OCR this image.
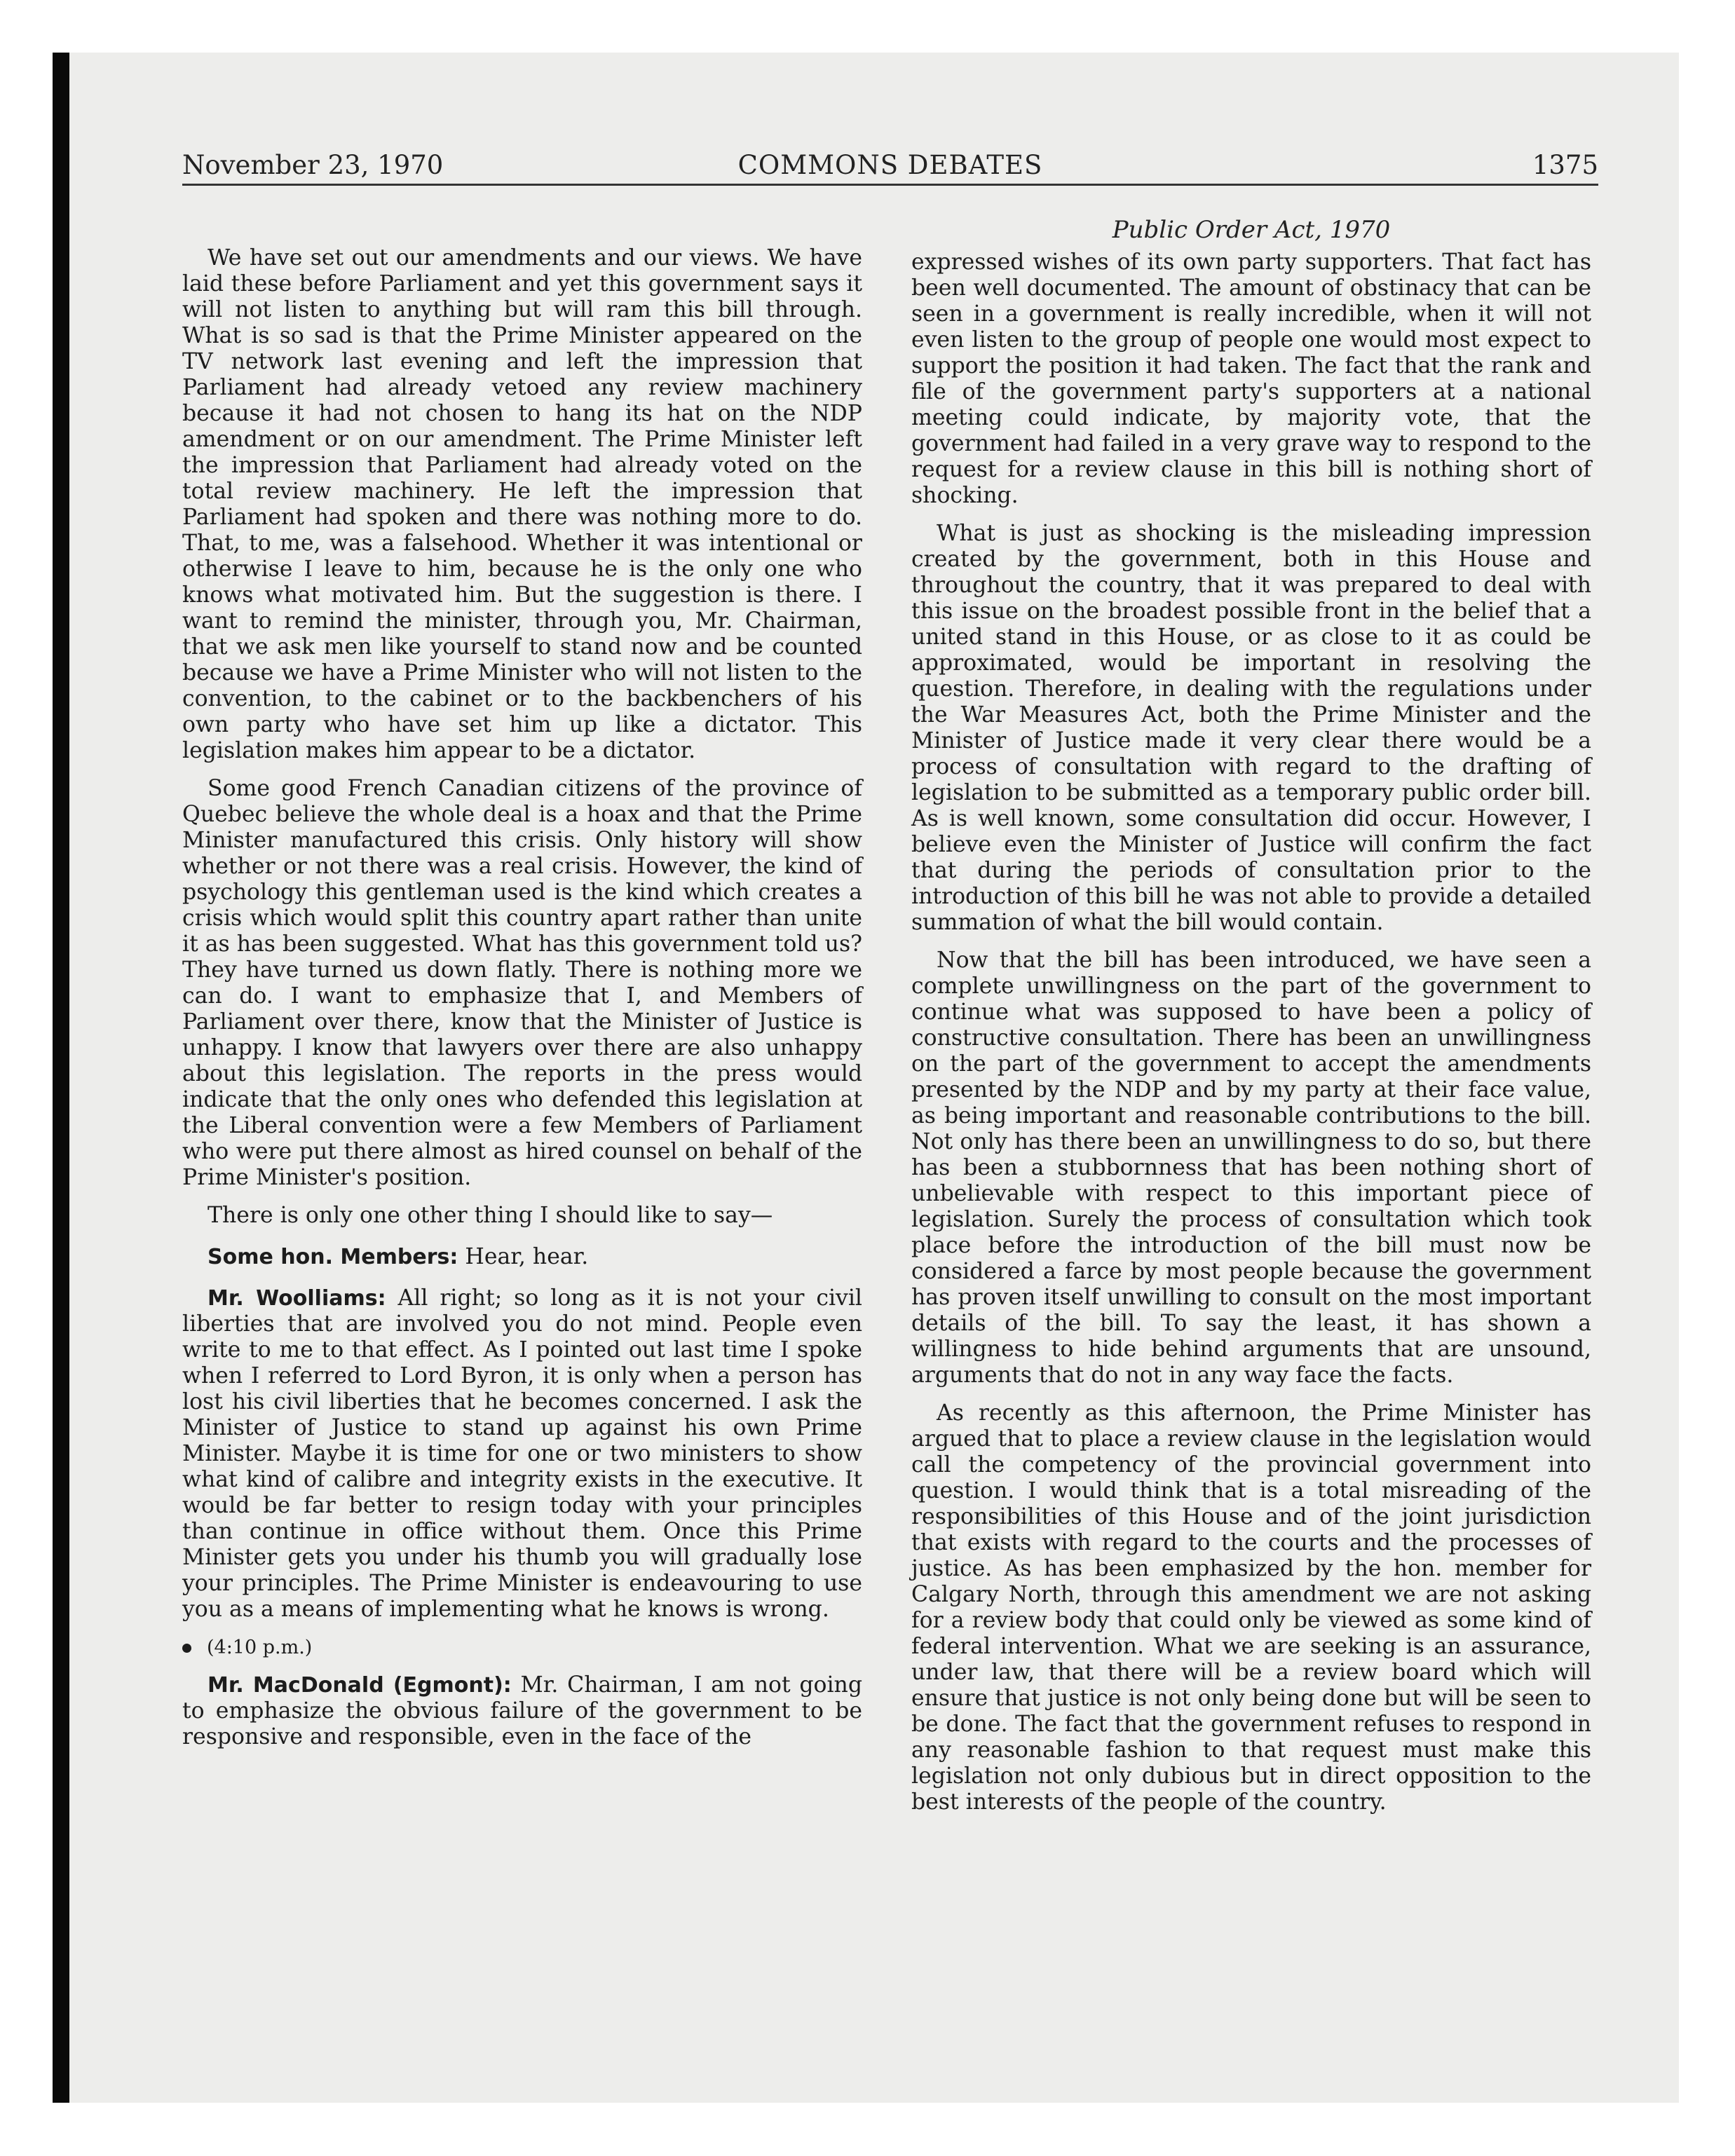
November 23, 1970	COMMONS DEBATES	1375
Public Order Act, 1970

We have set out our amendments and our views. We have laid these before Parliament and yet this government says it will not listen to anything but will ram this bill through. What is so sad is that the Prime Minister appeared on the TV network last evening and left the impression that Parliament had already vetoed any review machinery because it had not chosen to hang its hat on the NDP amendment or on our amendment. The Prime Minister left the impression that Parliament had already voted on the total review machinery. He left the impression that Parliament had spoken and there was nothing more to do. That, to me, was a falsehood. Whether it was intentional or otherwise I leave to him, because he is the only one who knows what motivated him. But the suggestion is there. I want to remind the minister, through you, Mr. Chairman, that we ask men like yourself to stand now and be counted because we have a Prime Minister who will not listen to the convention, to the cabinet or to the backbenchers of his own party who have set him up like a dictator. This legislation makes him appear to be a dictator.

Some good French Canadian citizens of the province of Quebec believe the whole deal is a hoax and that the Prime Minister manufactured this crisis. Only history will show whether or not there was a real crisis. However, the kind of psychology this gentleman used is the kind which creates a crisis which would split this country apart rather than unite it as has been suggested. What has this government told us? They have turned us down flatly. There is nothing more we can do. I want to emphasize that I, and Members of Parliament over there, know that the Minister of Justice is unhappy. I know that lawyers over there are also unhappy about this legislation. The reports in the press would indicate that the only ones who defended this legislation at the Liberal convention were a few Members of Parliament who were put there almost as hired counsel on behalf of the Prime Minister's position.

There is only one other thing I should like to say—

Some hon. Members: Hear, hear.

Mr. Woolliams: All right; so long as it is not your civil liberties that are involved you do not mind. People even write to me to that effect. As I pointed out last time I spoke when I referred to Lord Byron, it is only when a person has lost his civil liberties that he becomes concerned. I ask the Minister of Justice to stand up against his own Prime Minister. Maybe it is time for one or two ministers to show what kind of calibre and integrity exists in the executive. It would be far better to resign today with your principles than continue in office without them. Once this Prime Minister gets you under his thumb you will gradually lose your principles. The Prime Minister is endeavouring to use you as a means of implementing what he knows is wrong.

(4:10 p.m.)

Mr. MacDonald (Egmont): Mr. Chairman, I am not going to emphasize the obvious failure of the government to be responsive and responsible, even in the face of the

expressed wishes of its own party supporters. That fact has been well documented. The amount of obstinacy that can be seen in a government is really incredible, when it will not even listen to the group of people one would most expect to support the position it had taken. The fact that the rank and file of the government party's supporters at a national meeting could indicate, by majority vote, that the government had failed in a very grave way to respond to the request for a review clause in this bill is nothing short of shocking.

What is just as shocking is the misleading impression created by the government, both in this House and throughout the country, that it was prepared to deal with this issue on the broadest possible front in the belief that a united stand in this House, or as close to it as could be approximated, would be important in resolving the question. Therefore, in dealing with the regulations under the War Measures Act, both the Prime Minister and the Minister of Justice made it very clear there would be a process of consultation with regard to the drafting of legislation to be submitted as a temporary public order bill. As is well known, some consultation did occur. However, I believe even the Minister of Justice will confirm the fact that during the periods of consultation prior to the introduction of this bill he was not able to provide a detailed summation of what the bill would contain.

Now that the bill has been introduced, we have seen a complete unwillingness on the part of the government to continue what was supposed to have been a policy of constructive consultation. There has been an unwillingness on the part of the government to accept the amendments presented by the NDP and by my party at their face value, as being important and reasonable contributions to the bill. Not only has there been an unwillingness to do so, but there has been a stubbornness that has been nothing short of unbelievable with respect to this important piece of legislation. Surely the process of consultation which took place before the introduction of the bill must now be considered a farce by most people because the government has proven itself unwilling to consult on the most important details of the bill. To say the least, it has shown a willingness to hide behind arguments that are unsound, arguments that do not in any way face the facts.

As recently as this afternoon, the Prime Minister has argued that to place a review clause in the legislation would call the competency of the provincial government into question. I would think that is a total misreading of the responsibilities of this House and of the joint jurisdiction that exists with regard to the courts and the processes of justice. As has been emphasized by the hon. member for Calgary North, through this amendment we are not asking for a review body that could only be viewed as some kind of federal intervention. What we are seeking is an assurance, under law, that there will be a review board which will ensure that justice is not only being done but will be seen to be done. The fact that the government refuses to respond in any reasonable fashion to that request must make this legislation not only dubious but in direct opposition to the best interests of the people of the country.
